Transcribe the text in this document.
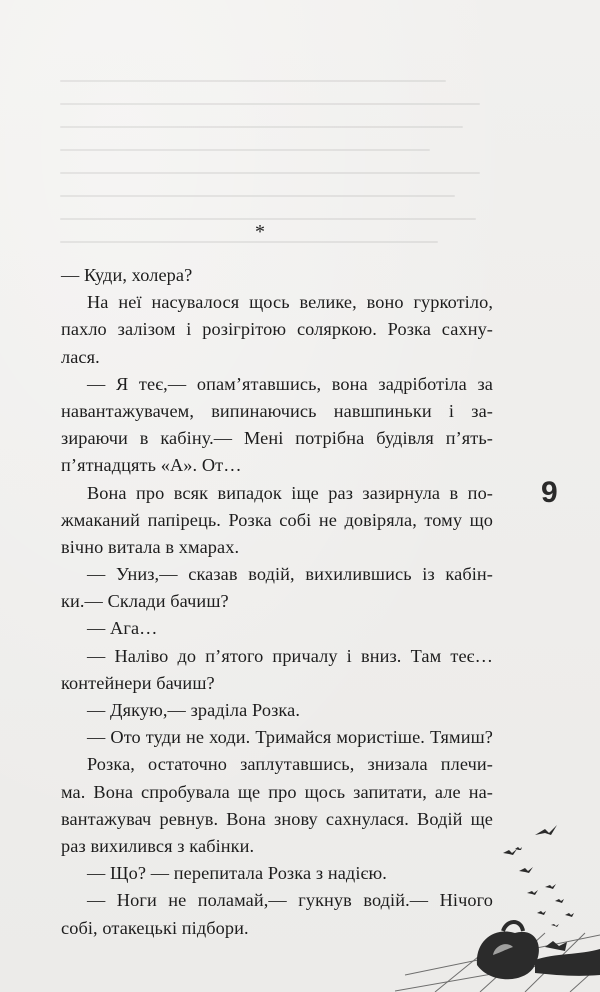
*
— Куди, холера?
На неї насувалося щось велике, воно гуркотіло,
пахло залізом і розігрітою соляркою. Розка сахну-
лася.
— Я теє,— опам’ятавшись, вона задріботіла за
навантажувачем, випинаючись навшпиньки і за-
зираючи в кабіну.— Мені потрібна будівля п’ять-
п’ятнадцять «А». От…
Вона про всяк випадок іще раз зазирнула в по-
жмаканий папірець. Розка собі не довіряла, тому що
вічно витала в хмарах.
— Униз,— сказав водій, вихилившись із кабін-
ки.— Склади бачиш?
— Ага…
— Наліво до п’ятого причалу і вниз. Там теє…
контейнери бачиш?
— Дякую,— зраділа Розка.
— Ото туди не ходи. Тримайся мористіше. Тямиш?
Розка, остаточно заплутавшись, знизала плечи-
ма. Вона спробувала ще про щось запитати, але на-
вантажувач ревнув. Вона знову сахнулася. Водій ще
раз вихилився з кабінки.
— Що? — перепитала Розка з надією.
— Ноги не поламай,— гукнув водій.— Нічого
собі, отакецькі підбори.
9
